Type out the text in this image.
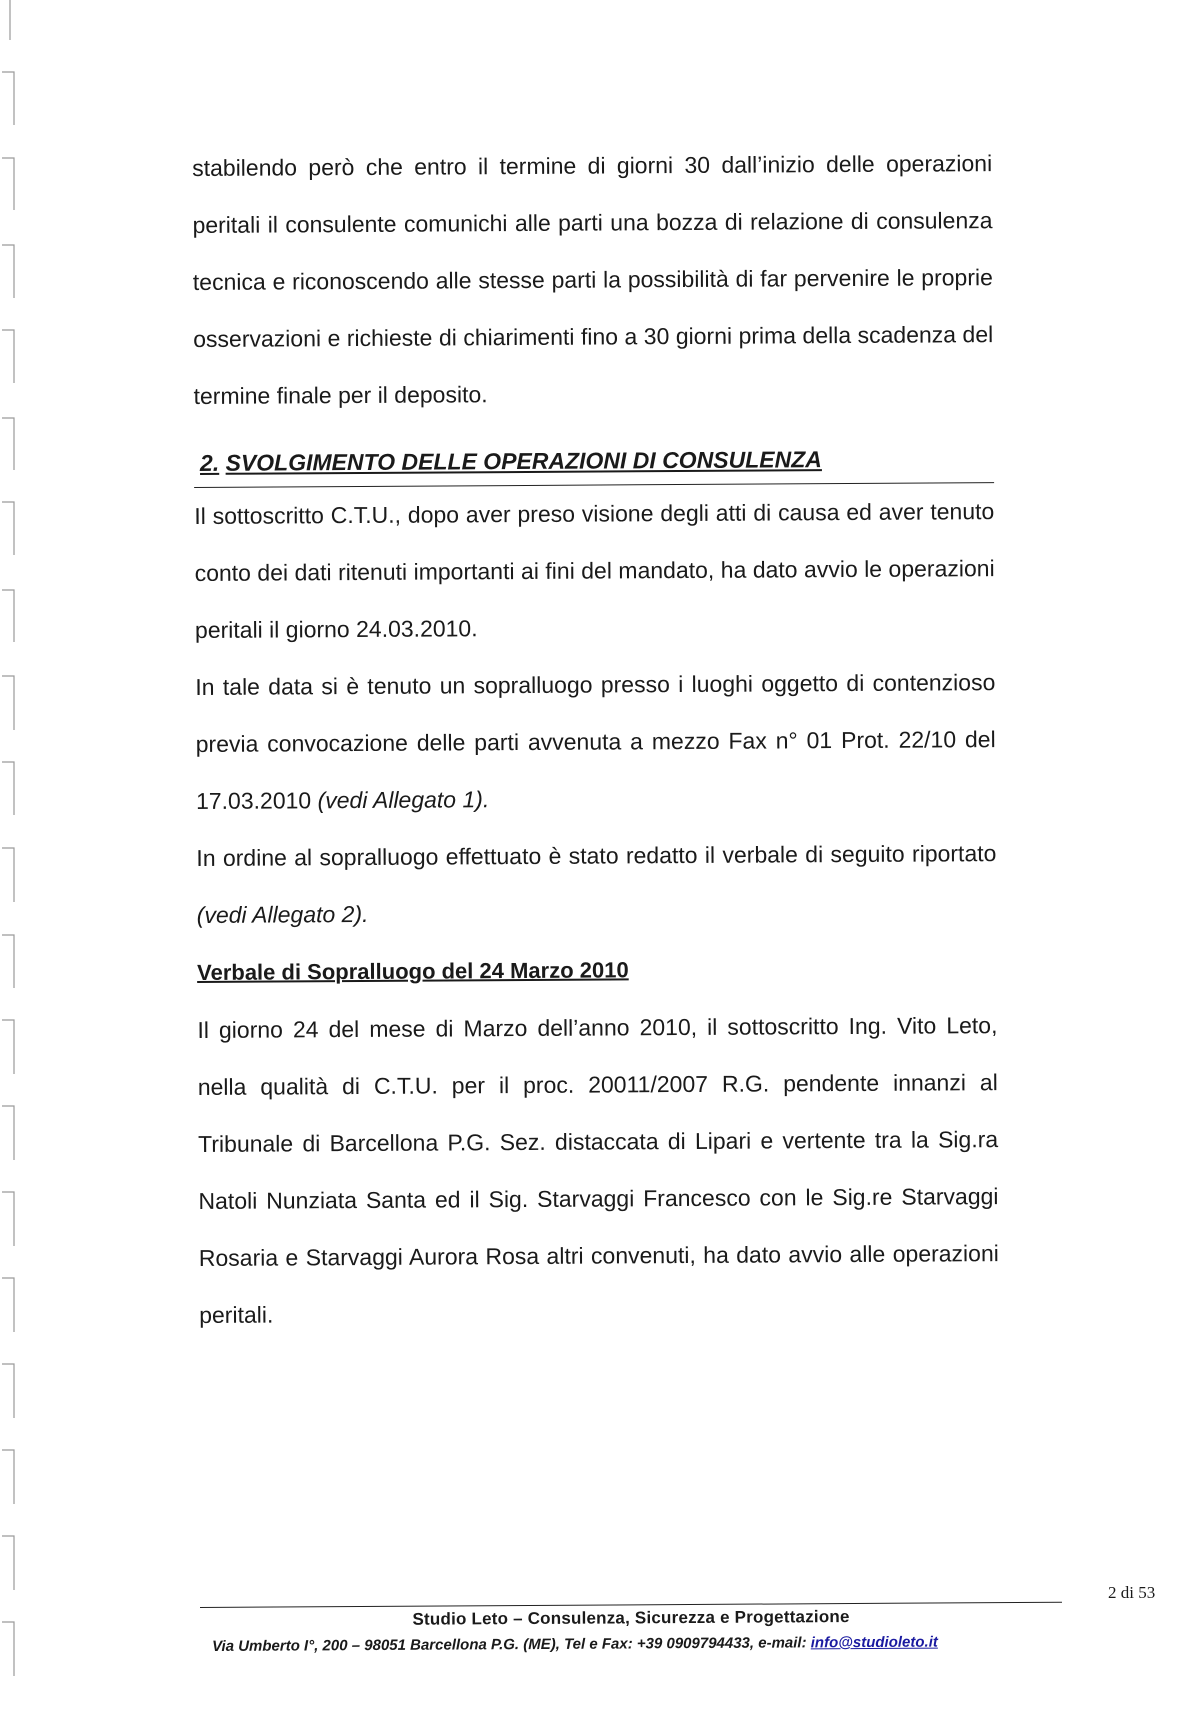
stabilendo però che entro il termine di giorni 30 dall’inizio delle operazioni peritali il consulente comunichi alle parti una bozza di relazione di consulenza tecnica e riconoscendo alle stesse parti la possibilità di far pervenire le proprie osservazioni e richieste di chiarimenti fino a 30 giorni prima della scadenza del termine finale per il deposito.

2. SVOLGIMENTO DELLE OPERAZIONI DI CONSULENZA

Il sottoscritto C.T.U., dopo aver preso visione degli atti di causa ed aver tenuto conto dei dati ritenuti importanti ai fini del mandato, ha dato avvio le operazioni peritali il giorno 24.03.2010.

In tale data si è tenuto un sopralluogo presso i luoghi oggetto di contenzioso previa convocazione delle parti avvenuta a mezzo Fax n° 01 Prot. 22/10 del 17.03.2010 (vedi Allegato 1).

In ordine al sopralluogo effettuato è stato redatto il verbale di seguito riportato (vedi Allegato 2).

Verbale di Sopralluogo del 24 Marzo 2010

Il giorno 24 del mese di Marzo dell’anno 2010, il sottoscritto Ing. Vito Leto, nella qualità di C.T.U. per il proc. 20011/2007 R.G. pendente innanzi al Tribunale di Barcellona P.G. Sez. distaccata di Lipari e vertente tra la Sig.ra Natoli Nunziata Santa ed il Sig. Starvaggi Francesco con le Sig.re Starvaggi Rosaria e Starvaggi Aurora Rosa altri convenuti, ha dato avvio alle operazioni peritali.

2 di 53
Studio Leto – Consulenza, Sicurezza e Progettazione
Via Umberto I°, 200 – 98051 Barcellona P.G. (ME), Tel e Fax: +39 0909794433, e-mail: info@studioleto.it
